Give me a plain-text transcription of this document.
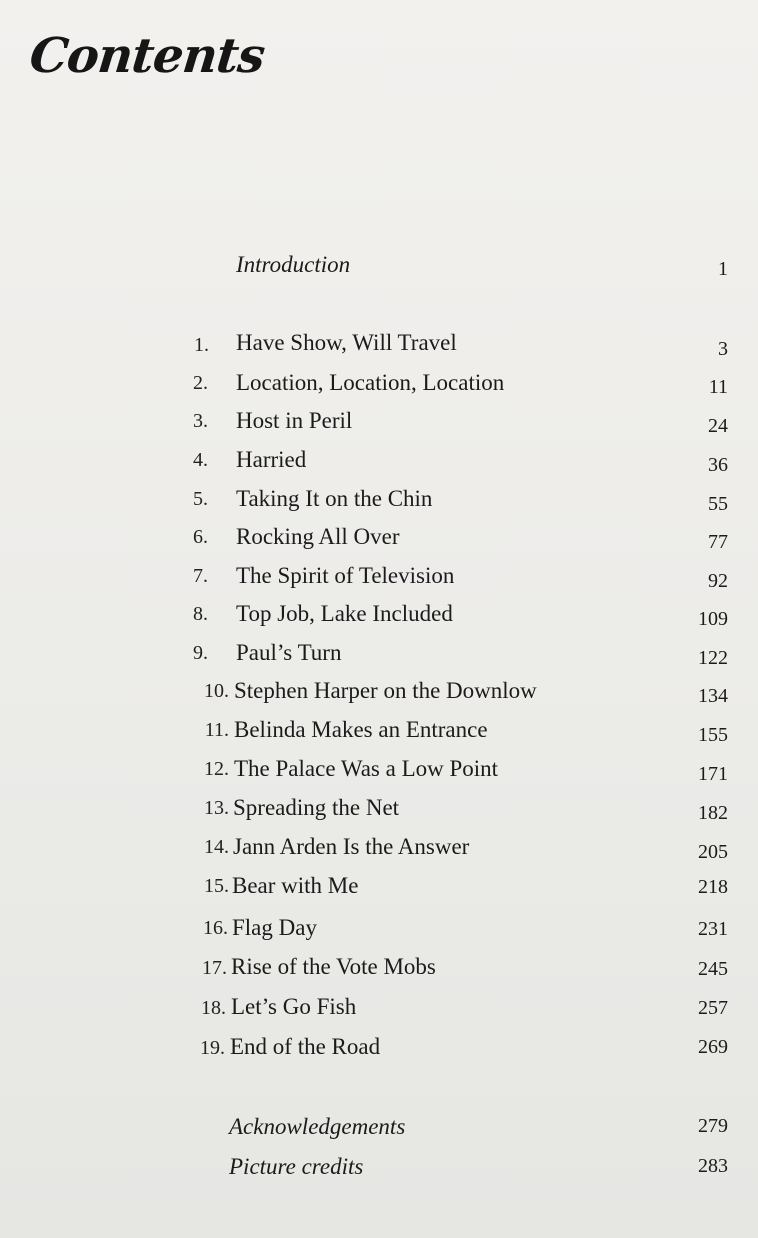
Contents
Introduction	1
1. Have Show, Will Travel	3
2. Location, Location, Location	11
3. Host in Peril	24
4. Harried	36
5. Taking It on the Chin	55
6. Rocking All Over	77
7. The Spirit of Television	92
8. Top Job, Lake Included	109
9. Paul’s Turn	122
10. Stephen Harper on the Downlow	134
11. Belinda Makes an Entrance	155
12. The Palace Was a Low Point	171
13. Spreading the Net	182
14. Jann Arden Is the Answer	205
15. Bear with Me	218
16. Flag Day	231
17. Rise of the Vote Mobs	245
18. Let’s Go Fish	257
19. End of the Road	269
Acknowledgements	279
Picture credits	283
